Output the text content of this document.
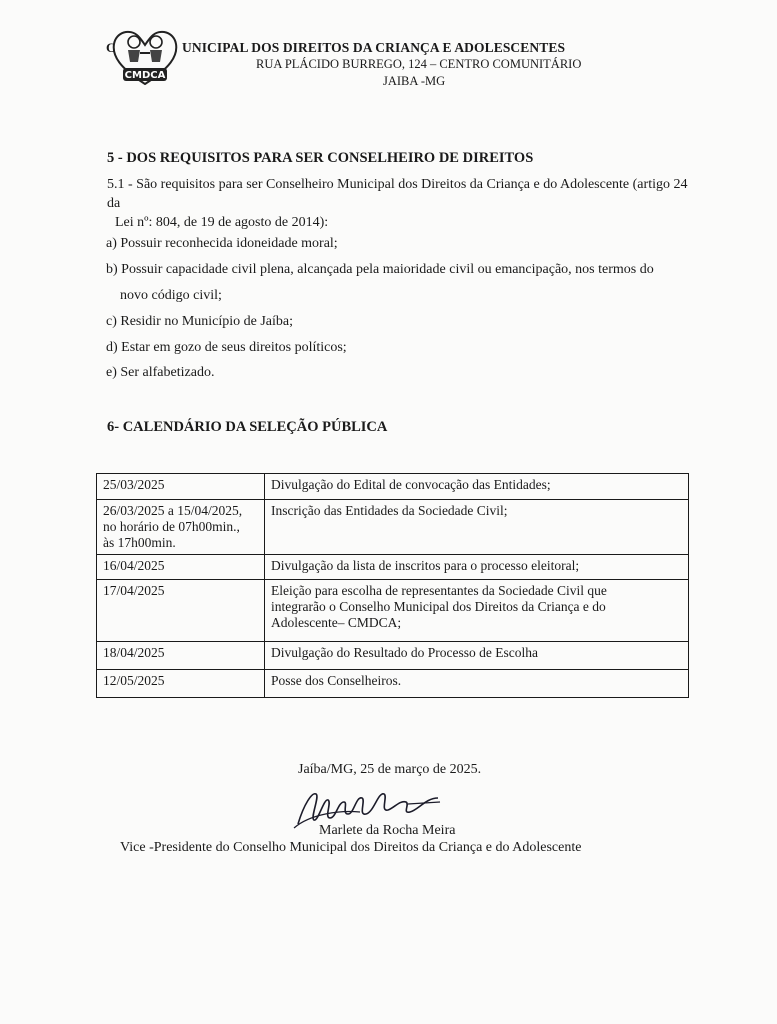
CMDCA
C	UNICIPAL DOS DIREITOS DA CRIANÇA E ADOLESCENTES
RUA PLÁCIDO BURREGO, 124 – CENTRO COMUNITÁRIO
JAIBA -MG
5 - DOS REQUISITOS PARA SER CONSELHEIRO DE DIREITOS
5.1 - São requisitos para ser Conselheiro Municipal dos Direitos da Criança e do Adolescente (artigo 24 da
Lei nº: 804, de 19 de agosto de 2014):
a) Possuir reconhecida idoneidade moral;
b) Possuir capacidade civil plena, alcançada pela maioridade civil ou emancipação, nos termos do
novo código civil;
c) Residir no Município de Jaíba;
d) Estar em gozo de seus direitos políticos;
e) Ser alfabetizado.
6- CALENDÁRIO DA SELEÇÃO PÚBLICA
25/03/2025	Divulgação do Edital de convocação das Entidades;

26/03/2025 a 15/04/2025,
no horário de 07h00min.,
às 17h00min.	Inscrição das Entidades da Sociedade Civil;

16/04/2025	Divulgação da lista de inscritos para o processo eleitoral;

17/04/2025	Eleição para escolha de representantes da Sociedade Civil que
integrarão o Conselho Municipal dos Direitos da Criança e do
Adolescente– CMDCA;

18/04/2025	Divulgação do Resultado do Processo de Escolha

12/05/2025	Posse dos Conselheiros.
Jaíba/MG, 25 de março de 2025.
Marlete da Rocha Meira
Vice -Presidente do Conselho Municipal dos Direitos da Criança e do Adolescente
